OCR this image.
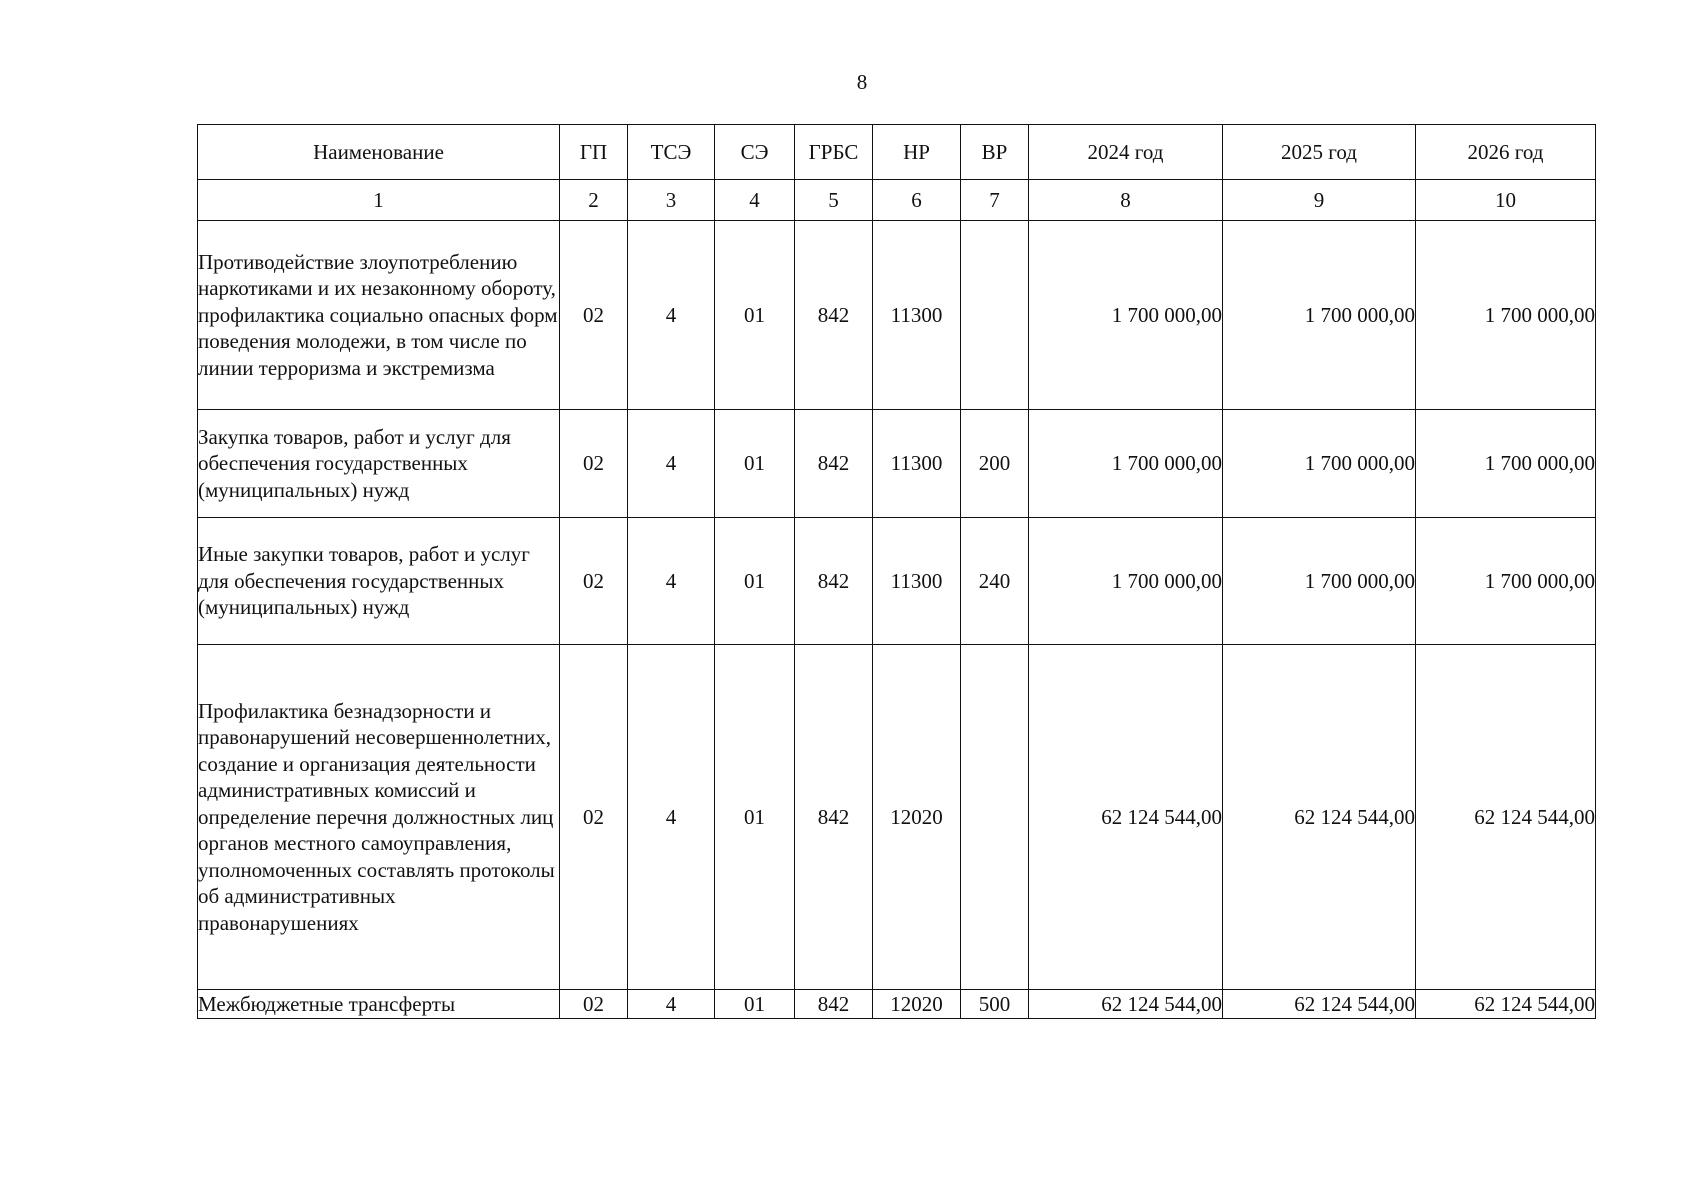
8
Наименование	ГП	ТСЭ	СЭ	ГРБС	НР	ВР	2024 год	2025 год	2026 год
1	2	3	4	5	6	7	8	9	10
Противодействие злоупотреблению наркотиками и их незаконному обороту, профилактика социально опасных форм поведения молодежи, в том числе по линии терроризма и экстремизма	02	4	01	842	11300		1 700 000,00	1 700 000,00	1 700 000,00
Закупка товаров, работ и услуг для обеспечения государственных (муниципальных) нужд	02	4	01	842	11300	200	1 700 000,00	1 700 000,00	1 700 000,00
Иные закупки товаров, работ и услуг для обеспечения государственных (муниципальных) нужд	02	4	01	842	11300	240	1 700 000,00	1 700 000,00	1 700 000,00
Профилактика безнадзорности и правонарушений несовершеннолетних, создание и организация деятельности административных комиссий и определение перечня должностных лиц органов местного самоуправления, уполномоченных составлять протоколы об административных правонарушениях	02	4	01	842	12020		62 124 544,00	62 124 544,00	62 124 544,00
Межбюджетные трансферты	02	4	01	842	12020	500	62 124 544,00	62 124 544,00	62 124 544,00
